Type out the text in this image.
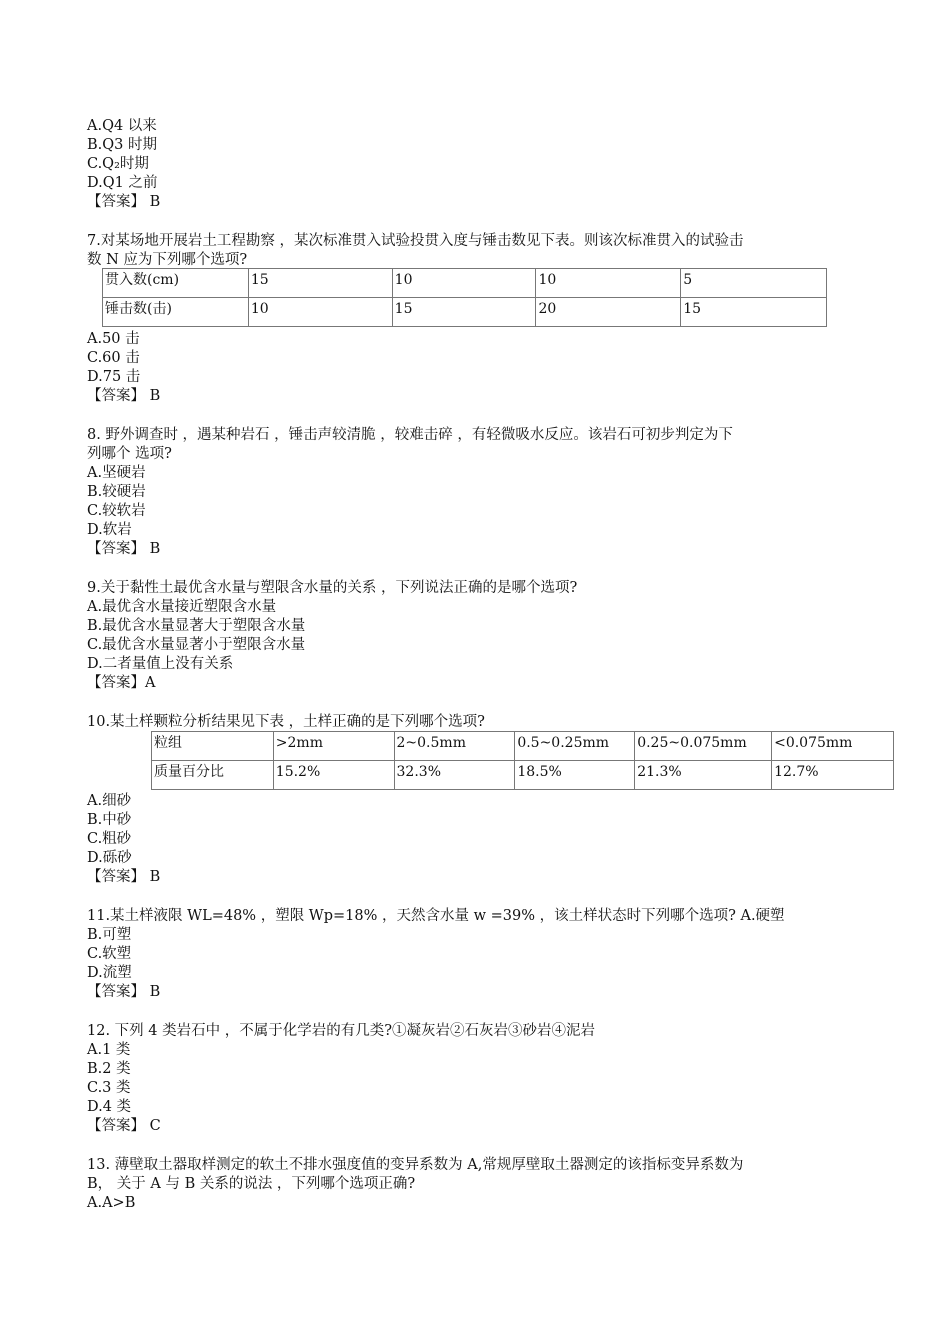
A.Q4 以来
B.Q3 时期
C.Q₂时期
D.Q1 之前
【答案】 B
7.对某场地开展岩土工程勘察 ，某次标准贯入试验投贯入度与锤击数见下表。则该次标准贯入的试验击
数 N 应为下列哪个选项?
贯入数(cm)	15	10	10	5
锤击数(击)	10	15	20	15
A.50 击
C.60 击
D.75 击
【答案】 B
8. 野外调查时 ，遇某种岩石 ，锤击声较清脆 ，较难击碎 ，有轻微吸水反应。该岩石可初步判定为下
列哪个 选项?
A.坚硬岩
B.较硬岩
C.较软岩
D.软岩
【答案】 B
9.关于黏性土最优含水量与塑限含水量的关系 ，下列说法正确的是哪个选项?
A.最优含水量接近塑限含水量
B.最优含水量显著大于塑限含水量
C.最优含水量显著小于塑限含水量
D.二者量值上没有关系
【答案】A
10.某土样颗粒分析结果见下表 ，土样正确的是下列哪个选项?
粒组	>2mm	2~0.5mm	0.5~0.25mm	0.25~0.075mm	<0.075mm
质量百分比	15.2%	32.3%	18.5%	21.3%	12.7%
A.细砂
B.中砂
C.粗砂
D.砾砂
【答案】 B
11.某土样液限 WL=48% ，塑限 Wp=18% ，天然含水量 w =39% ，该土样状态时下列哪个选项? A.硬塑
B.可塑
C.软塑
D.流塑
【答案】 B
12. 下列 4 类岩石中 ，不属于化学岩的有几类?①凝灰岩②石灰岩③砂岩④泥岩
A.1 类
B.2 类
C.3 类
D.4 类
【答案】 C
13. 薄壁取土器取样测定的软土不排水强度值的变异系数为 A,常规厚壁取土器测定的该指标变异系数为
B， 关于 A 与 B 关系的说法 ，下列哪个选项正确?
A.A>B
